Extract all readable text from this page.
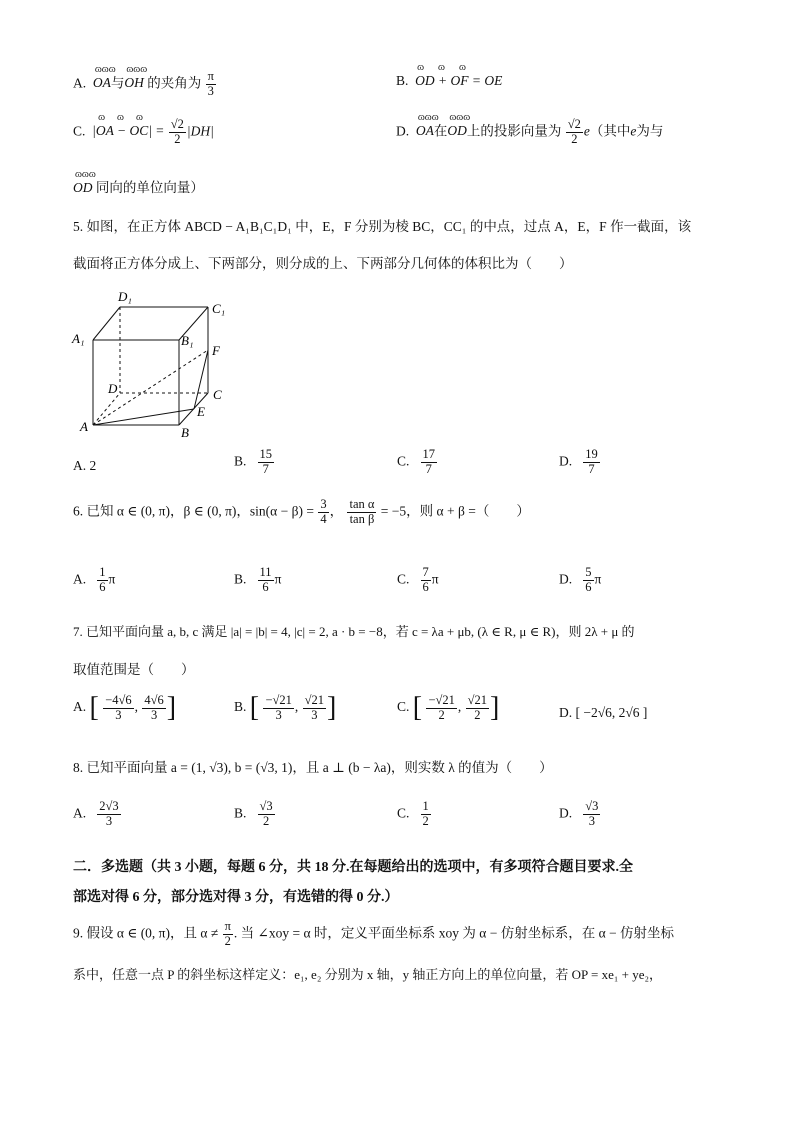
A.
ɷɷɷ
OA与
ɷɷɷ
OH 的夹角为 $\frac{\pi}{3}$	B.
ɷɷɷ
OD + OF = OE
C.
ɷɷɷ
$|OA - OC| = \frac{√2}{2} |DH|$	D.
ɷɷɷ
OA在
ɷɷɷ
OD上的投影向量为 $\frac{√2}{2} e$（其中e为与
ɷɷɷ
OD 同向的单位向量）
5. 如图，在正方体 ABCD − A₁B₁C₁D₁ 中，E，F 分别为棱 BC，CC₁ 的中点，过点 A，E，F 作一截面，该
截面将正方体分成上、下两部分，则分成的上、下两部分几何体的体积比为（　　）
D₁
C₁
A₁	B₁
F
D	C
E
A	B
A. 2	B. $\frac{15}{7}$	C. $\frac{17}{7}$	D. $\frac{19}{7}$
6. 已知 α ∈ (0, π)，β ∈ (0, π)，$\sin(\alpha - \beta) = \frac{3}{4}$ ， $\frac{\text{tan α}}{\text{tan β}} = -5$，则 α + β =（　　）
A. $\frac{1}{6}$ π	B. $\frac{11}{6}$ π	C. $\frac{7}{6}$ π	D. $\frac{5}{6}$ π
7. 已知平面向量 a, b, c 满足 |a| = |b| = 4, |c| = 2, a · b = −8，若 c = λa + μb, (λ ∈ R, μ ∈ R)，则 2λ + μ 的
取值范围是（　　）
A. [ $\frac{-4√6}{3}$ , $\frac{4√6}{3}$ ]	B. [ $\frac{-√21}{3}$ , $\frac{√21}{3}$ ]	C. [ $\frac{-√21}{2}$ , $\frac{√21}{2}$ ]	D. [ −2√6, 2√6 ]
8. 已知平面向量 a = (1, √3), b = (√3, 1)，且 a ⊥ (b − λa)，则实数 λ 的值为（　　）
A. $\frac{2√3}{3}$	B. $\frac{√3}{2}$	C. $\frac{1}{2}$	D. $\frac{√3}{3}$
二．多选题（共 3 小题，每题 6 分，共 18 分.在每题给出的选项中，有多项符合题目要求.全
部选对得 6 分，部分选对得 3 分，有选错的得 0 分.）
9. 假设 α ∈ (0, π)，且 $\alpha \ne \frac{\pi}{2}$ . 当 ∠xoy = α 时，定义平面坐标系 xoy 为 α − 仿射坐标系，在 α − 仿射坐标
系中，任意一点 P 的斜坐标这样定义：e₁, e₂ 分别为 x 轴，y 轴正方向上的单位向量，若 OP = xe₁ + ye₂，
